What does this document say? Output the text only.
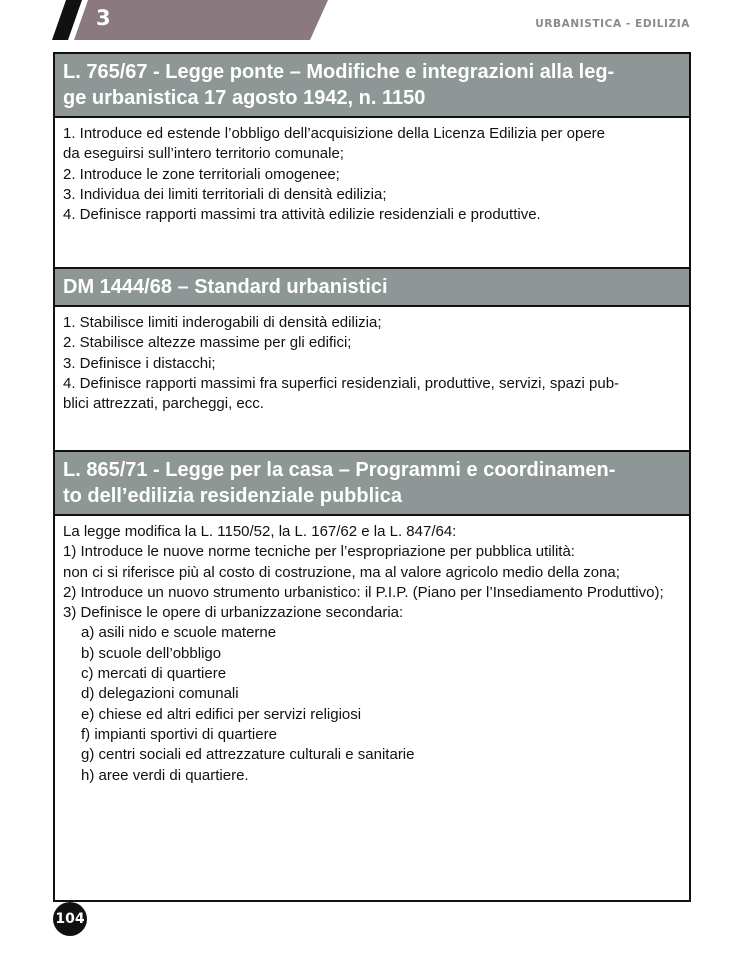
3	URBANISTICA - EDILIZIA
L. 765/67 - Legge ponte – Modifiche e integrazioni alla leg-
ge urbanistica 17 agosto 1942, n. 1150

1. Introduce ed estende l’obbligo dell’acquisizione della Licenza Edilizia per opere

da eseguirsi sull’intero territorio comunale;

2. Introduce le zone territoriali omogenee;

3. Individua dei limiti territoriali di densità edilizia;

4. Definisce rapporti massimi tra attività edilizie residenziali e produttive.

DM 1444/68 – Standard urbanistici

1. Stabilisce limiti inderogabili di densità edilizia;

2. Stabilisce altezze massime per gli edifici;

3. Definisce i distacchi;

4. Definisce rapporti massimi fra superfici residenziali, produttive, servizi, spazi pub-

blici attrezzati, parcheggi, ecc.

L. 865/71 - Legge per la casa – Programmi e coordinamen-
to dell’edilizia residenziale pubblica

La legge modifica la L. 1150/52, la L. 167/62 e la L. 847/64:

1) Introduce le nuove norme tecniche per l’espropriazione per pubblica utilità:

non ci si riferisce più al costo di costruzione, ma al valore agricolo medio della zona;

2) Introduce un nuovo strumento urbanistico: il P.I.P. (Piano per l’Insediamento Produttivo);

3) Definisce le opere di urbanizzazione secondaria:

a) asili nido e scuole materne

b) scuole dell’obbligo

c) mercati di quartiere

d) delegazioni comunali

e) chiese ed altri edifici per servizi religiosi

f) impianti sportivi di quartiere

g) centri sociali ed attrezzature culturali e sanitarie

h) aree verdi di quartiere.

104
